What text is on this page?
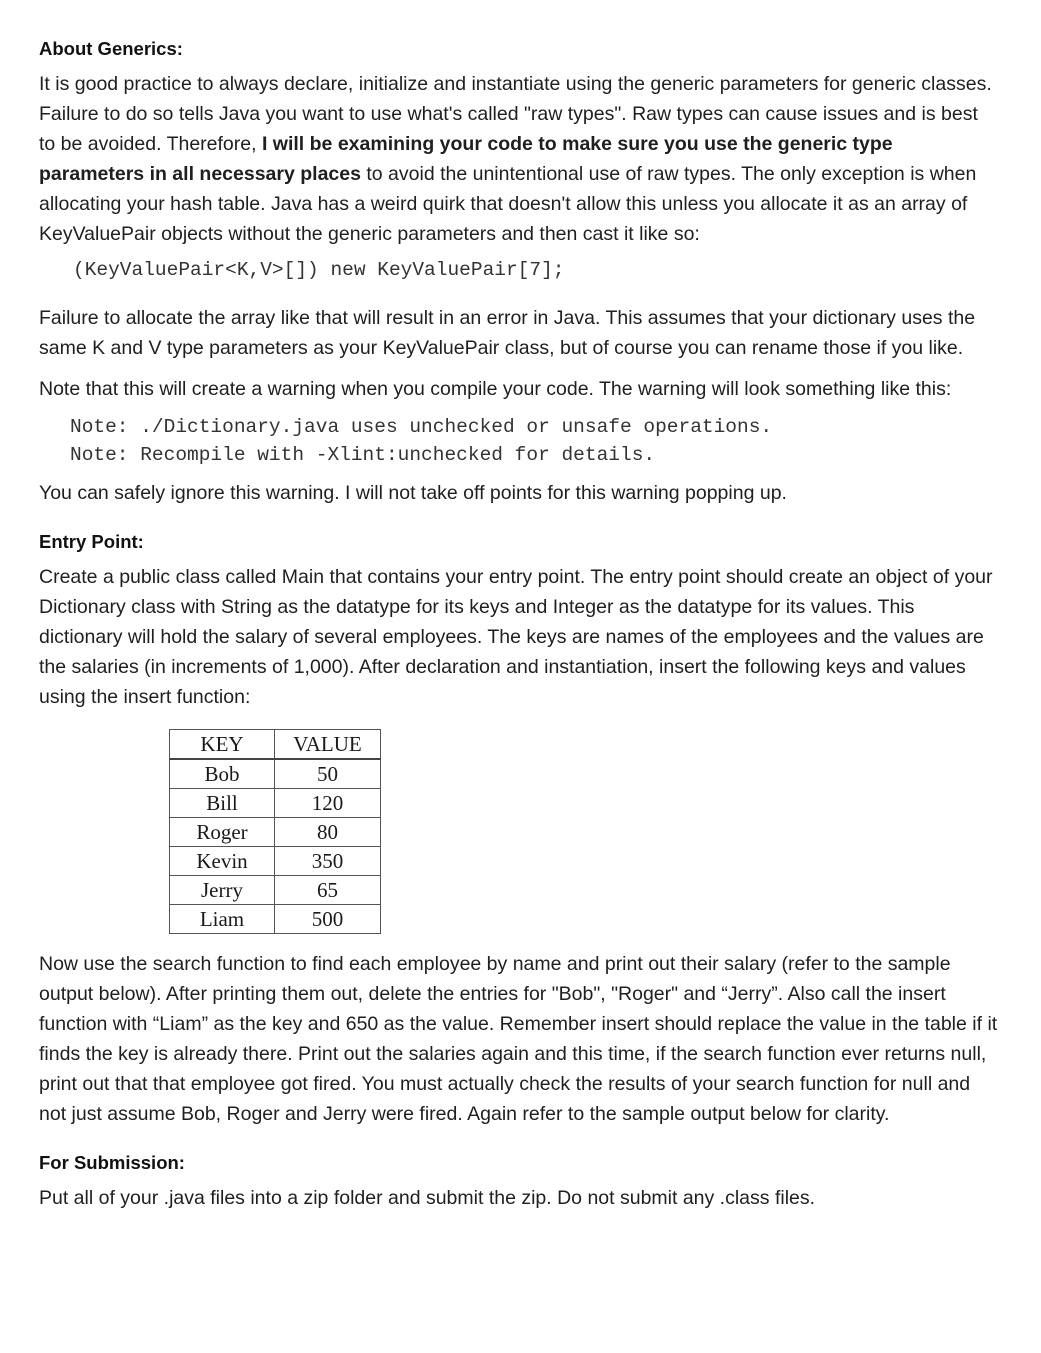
About Generics:

It is good practice to always declare, initialize and instantiate using the generic parameters for generic classes. Failure to do so tells Java you want to use what's called "raw types". Raw types can cause issues and is best to be avoided. Therefore, I will be examining your code to make sure you use the generic type parameters in all necessary places to avoid the unintentional use of raw types. The only exception is when allocating your hash table. Java has a weird quirk that doesn't allow this unless you allocate it as an array of KeyValuePair objects without the generic parameters and then cast it like so:

(KeyValuePair<K,V>[]) new KeyValuePair[7];

Failure to allocate the array like that will result in an error in Java. This assumes that your dictionary uses the same K and V type parameters as your KeyValuePair class, but of course you can rename those if you like.

Note that this will create a warning when you compile your code. The warning will look something like this:

Note: ./Dictionary.java uses unchecked or unsafe operations.
Note: Recompile with -Xlint:unchecked for details.

You can safely ignore this warning. I will not take off points for this warning popping up.

Entry Point:

Create a public class called Main that contains your entry point. The entry point should create an object of your Dictionary class with String as the datatype for its keys and Integer as the datatype for its values. This dictionary will hold the salary of several employees. The keys are names of the employees and the values are the salaries (in increments of 1,000). After declaration and instantiation, insert the following keys and values using the insert function:

KEY	VALUE
Bob	50
Bill	120
Roger	80
Kevin	350
Jerry	65
Liam	500

Now use the search function to find each employee by name and print out their salary (refer to the sample output below). After printing them out, delete the entries for "Bob", "Roger" and “Jerry”. Also call the insert function with “Liam” as the key and 650 as the value. Remember insert should replace the value in the table if it finds the key is already there. Print out the salaries again and this time, if the search function ever returns null, print out that that employee got fired. You must actually check the results of your search function for null and not just assume Bob, Roger and Jerry were fired. Again refer to the sample output below for clarity.

For Submission:

Put all of your .java files into a zip folder and submit the zip. Do not submit any .class files.
